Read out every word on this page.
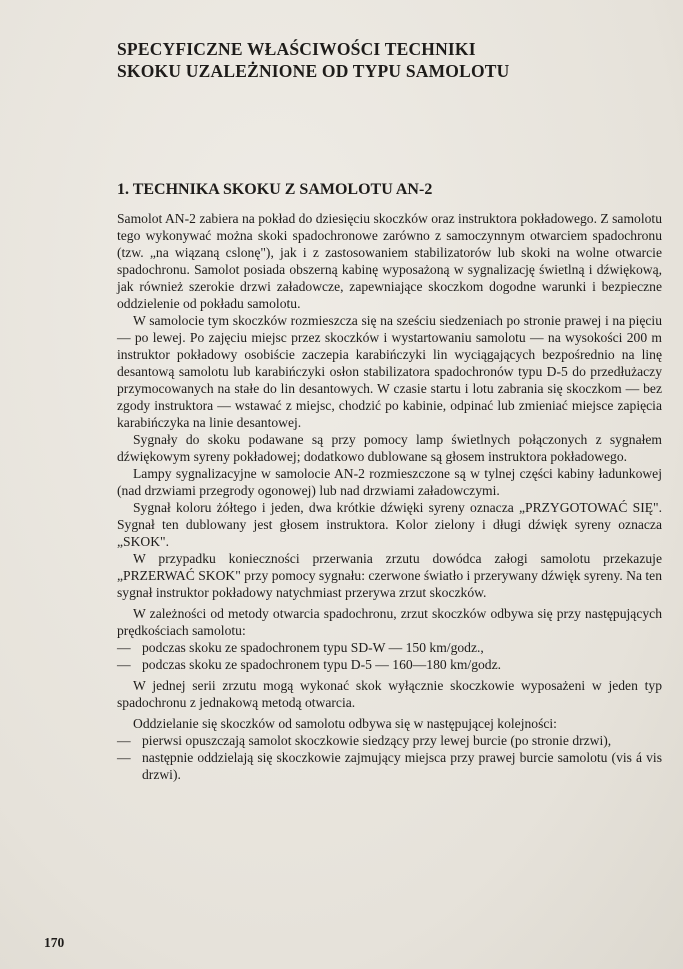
SPECYFICZNE WŁAŚCIWOŚCI TECHNIKI
SKOKU UZALEŻNIONE OD TYPU SAMOLOTU
1. TECHNIKA SKOKU Z SAMOLOTU AN-2

Samolot AN-2 zabiera na pokład do dziesięciu skoczków oraz instruktora pokładowego. Z samolotu tego wykonywać można skoki spadochronowe zarówno z samoczynnym otwarciem spadochronu (tzw. „na wiązaną cslonę"), jak i z zastosowaniem stabilizatorów lub skoki na wolne otwarcie spadochronu. Samolot posiada obszerną kabinę wyposażoną w sygnalizację świetlną i dźwiękową, jak również szerokie drzwi załadowcze, zapewniające skoczkom dogodne warunki i bezpieczne oddzielenie od pokładu samolotu.

W samolocie tym skoczków rozmieszcza się na sześciu siedzeniach po stronie prawej i na pięciu — po lewej. Po zajęciu miejsc przez skoczków i wystartowaniu samolotu — na wysokości 200 m instruktor pokładowy osobiście zaczepia karabińczyki lin wyciągających bezpośrednio na linę desantową samolotu lub karabińczyki osłon stabilizatora spadochronów typu D-5 do przedłużaczy przymocowanych na stałe do lin desantowych. W czasie startu i lotu zabrania się skoczkom — bez zgody instruktora — wstawać z miejsc, chodzić po kabinie, odpinać lub zmieniać miejsce zapięcia karabińczyka na linie desantowej.

Sygnały do skoku podawane są przy pomocy lamp świetlnych połączonych z sygnałem dźwiękowym syreny pokładowej; dodatkowo dublowane są głosem instruktora pokładowego.

Lampy sygnalizacyjne w samolocie AN-2 rozmieszczone są w tylnej części kabiny ładunkowej (nad drzwiami przegrody ogonowej) lub nad drzwiami załadowczymi.

Sygnał koloru żółtego i jeden, dwa krótkie dźwięki syreny oznacza „PRZYGOTOWAĆ SIĘ". Sygnał ten dublowany jest głosem instruktora. Kolor zielony i długi dźwięk syreny oznacza „SKOK".

W przypadku konieczności przerwania zrzutu dowódca załogi samolotu przekazuje „PRZERWAĆ SKOK" przy pomocy sygnału: czerwone światło i przerywany dźwięk syreny. Na ten sygnał instruktor pokładowy natychmiast przerywa zrzut skoczków.

W zależności od metody otwarcia spadochronu, zrzut skoczków odbywa się przy następujących prędkościach samolotu:

— podczas skoku ze spadochronem typu SD-W — 150 km/godz.,
— podczas skoku ze spadochronem typu D-5 — 160—180 km/godz.

W jednej serii zrzutu mogą wykonać skok wyłącznie skoczkowie wyposażeni w jeden typ spadochronu z jednakową metodą otwarcia.

Oddzielanie się skoczków od samolotu odbywa się w następującej kolejności:

— pierwsi opuszczają samolot skoczkowie siedzący przy lewej burcie (po stronie drzwi),
— następnie oddzielają się skoczkowie zajmujący miejsca przy prawej burcie samolotu (vis á vis drzwi).
170
